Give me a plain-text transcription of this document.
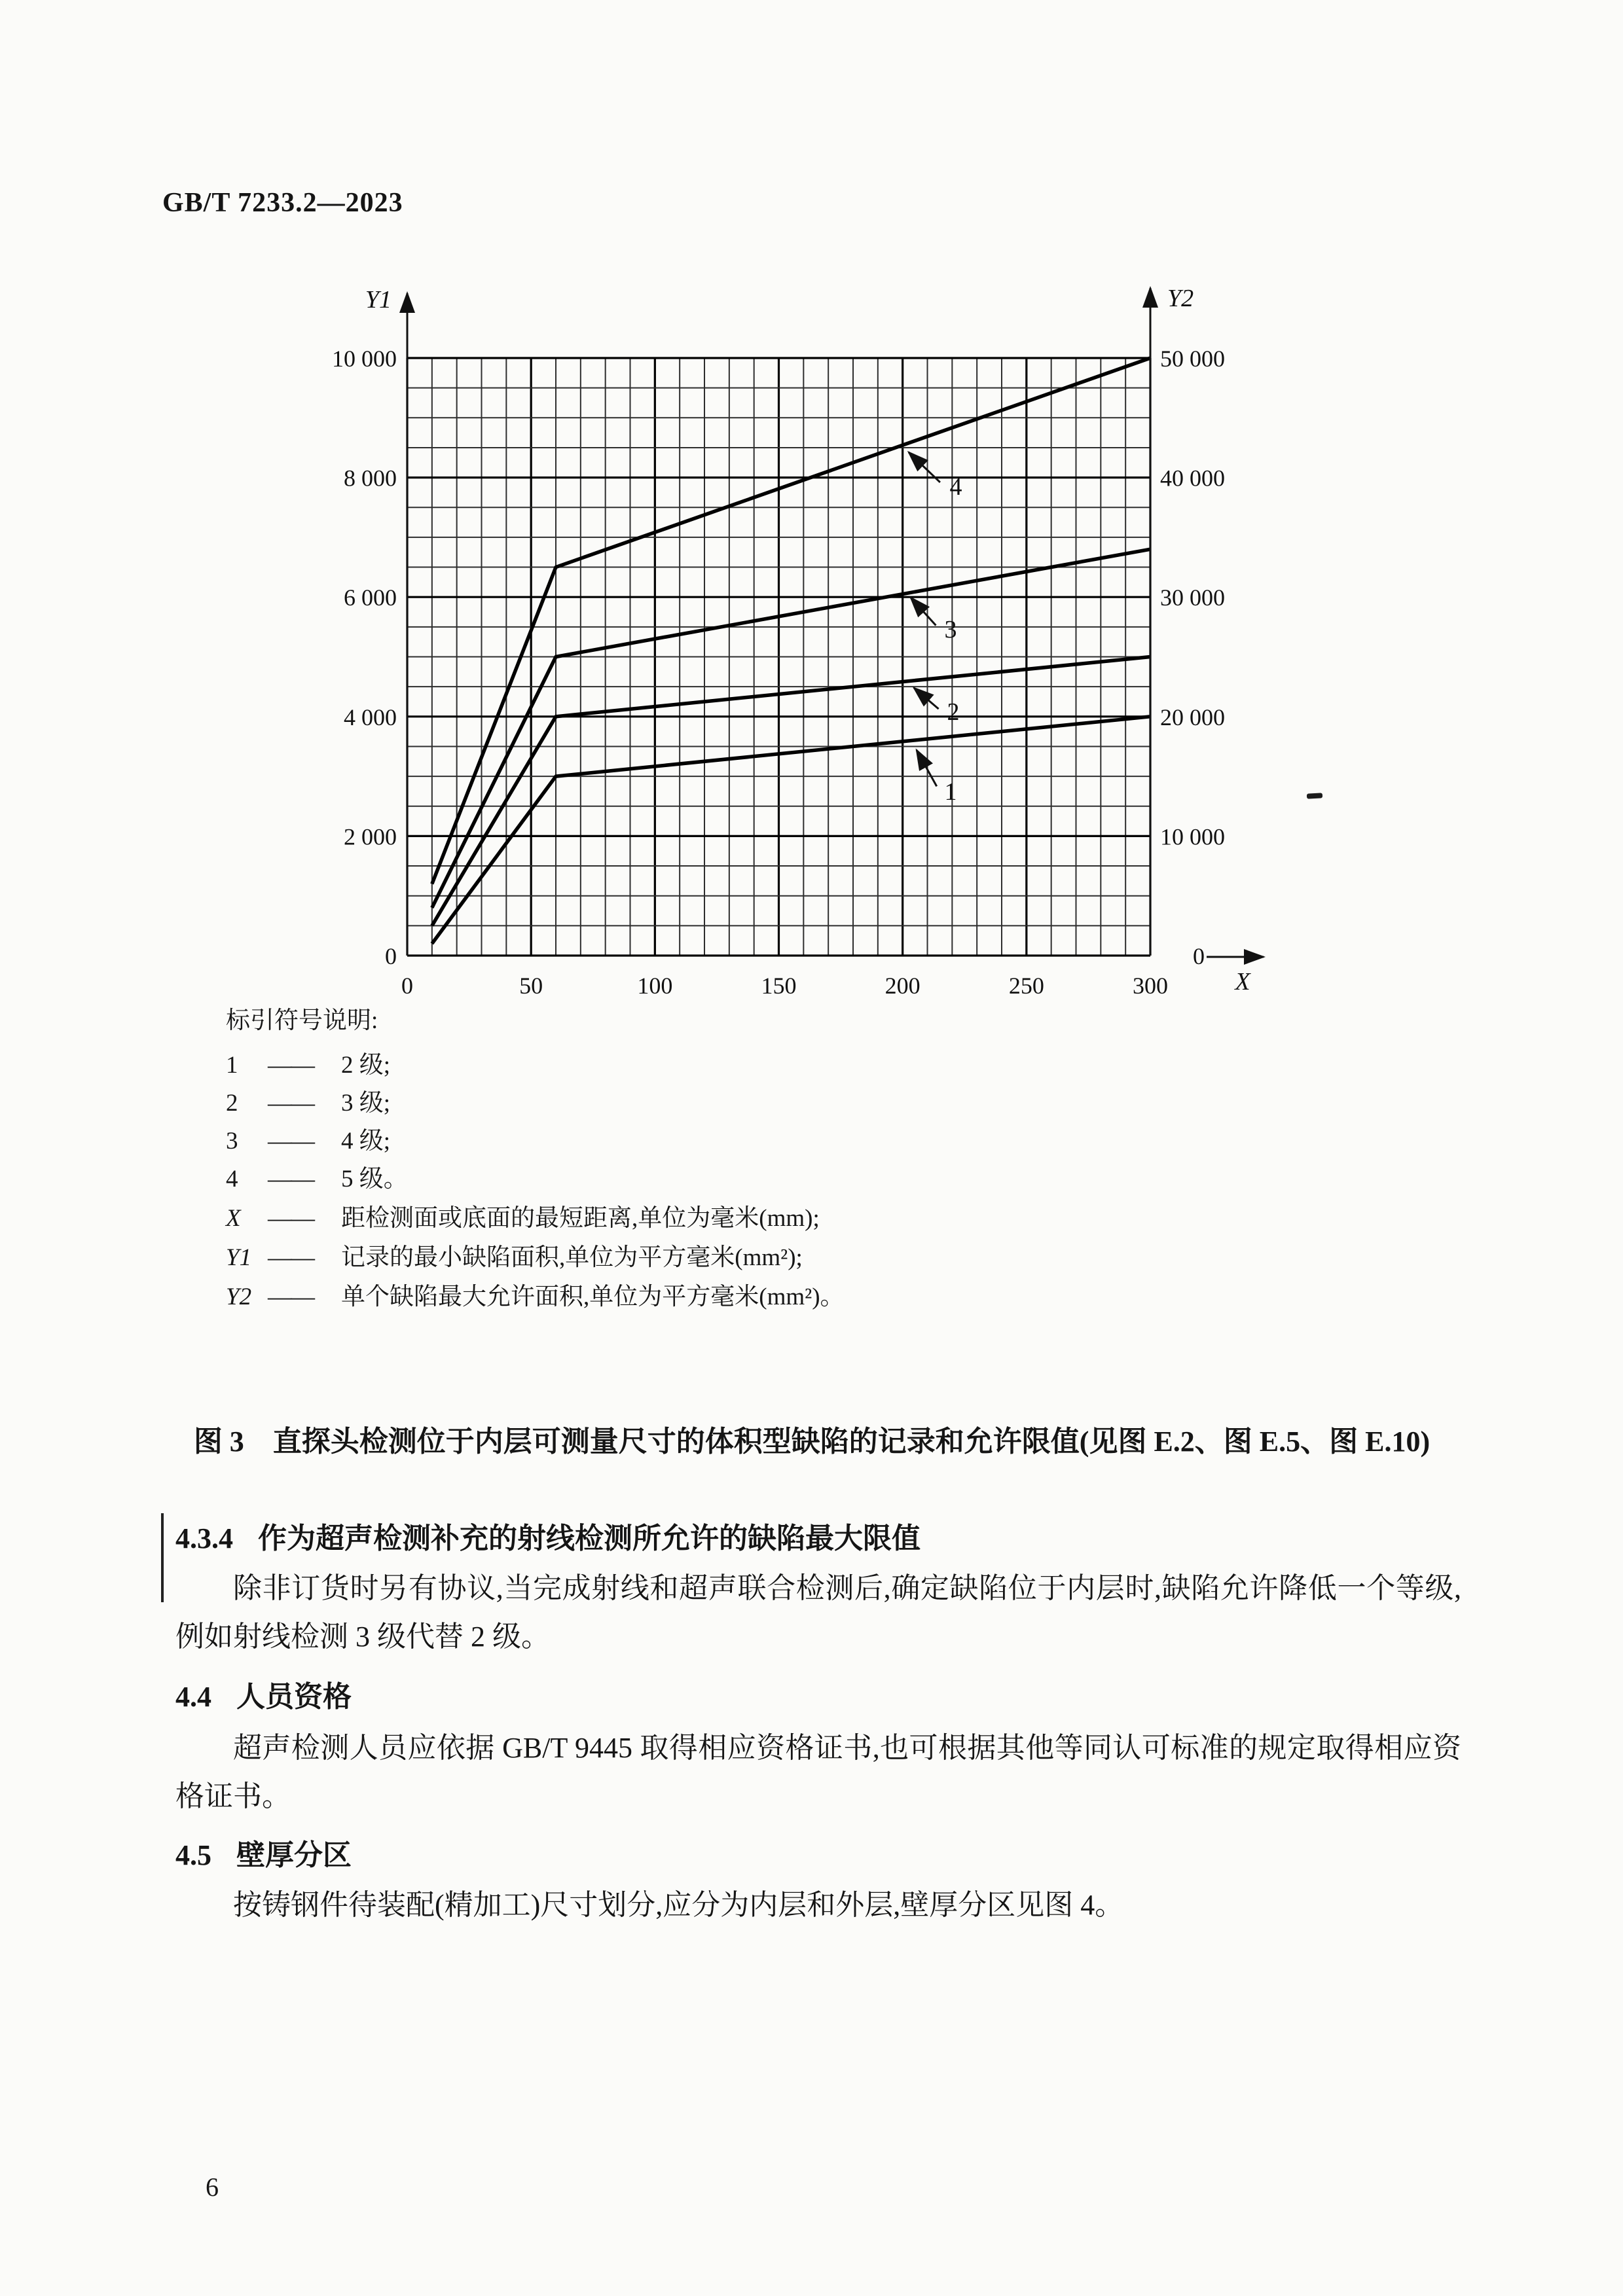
GB/T 7233.2—2023
Y1	Y2
X
10 000
8 000
6 000
4 000
2 000
0
50 000
40 000
30 000
20 000
10 000
0
0	50	100	150	200	250	300
1
2
3
4
标引符号说明:
1 —— 2 级;
2 —— 3 级;
3 —— 4 级;
4 —— 5 级。
X —— 距检测面或底面的最短距离,单位为毫米(mm);
Y1 —— 记录的最小缺陷面积,单位为平方毫米(mm²);
Y2 —— 单个缺陷最大允许面积,单位为平方毫米(mm²)。
图 3　直探头检测位于内层可测量尺寸的体积型缺陷的记录和允许限值(见图 E.2、图 E.5、图 E.10)
4.3.4 作为超声检测补充的射线检测所允许的缺陷最大限值
除非订货时另有协议,当完成射线和超声联合检测后,确定缺陷位于内层时,缺陷允许降低一个等级,例如射线检测 3 级代替 2 级。
4.4 人员资格
超声检测人员应依据 GB/T 9445 取得相应资格证书,也可根据其他等同认可标准的规定取得相应资格证书。
4.5 壁厚分区
按铸钢件待装配(精加工)尺寸划分,应分为内层和外层,壁厚分区见图 4。
6
